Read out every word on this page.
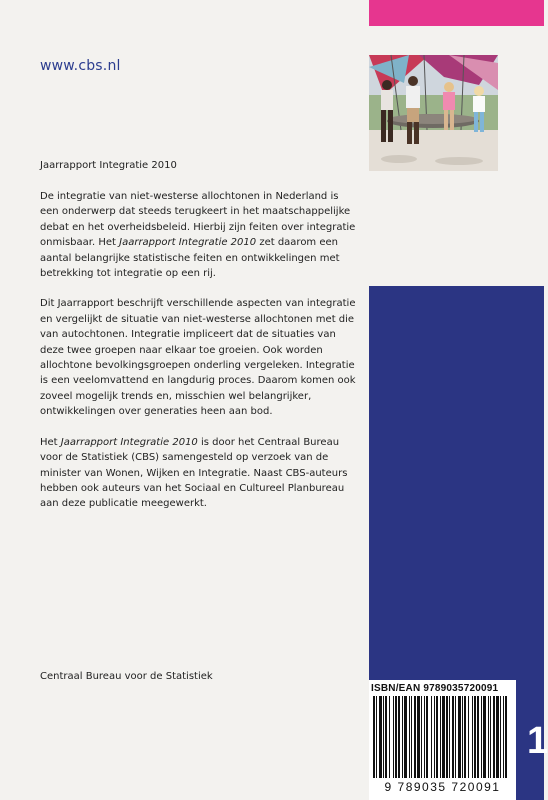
www.cbs.nl
Jaarrapport Integratie 2010

De integratie van niet-westerse allochtonen in Nederland is een onderwerp dat steeds terugkeert in het maatschappelijke debat en het overheidsbeleid. Hierbij zijn feiten over integratie onmisbaar. Het Jaarrapport Integratie 2010 zet daarom een aantal belangrijke statistische feiten en ontwikkelingen met betrekking tot integratie op een rij.

Dit Jaarrapport beschrijft verschillende aspecten van integratie en vergelijkt de situatie van niet-westerse allochtonen met die van autochtonen. Integratie impliceert dat de situaties van deze twee groepen naar elkaar toe groeien. Ook worden allochtone bevolkingsgroepen onderling vergeleken. Integratie is een veelomvattend en langdurig proces. Daarom komen ook zoveel mogelijk trends en, misschien wel belangrijker, ontwikkelingen over generaties heen aan bod.

Het Jaarrapport Integratie 2010 is door het Centraal Bureau voor de Statistiek (CBS) samengesteld op verzoek van de minister van Wonen, Wijken en Integratie. Naast CBS-auteurs hebben ook auteurs van het Sociaal en Cultureel Planbureau aan deze publicatie meegewerkt.

Centraal Bureau voor de Statistiek
ISBN/EAN 9789035720091
9 789035 720091
1
